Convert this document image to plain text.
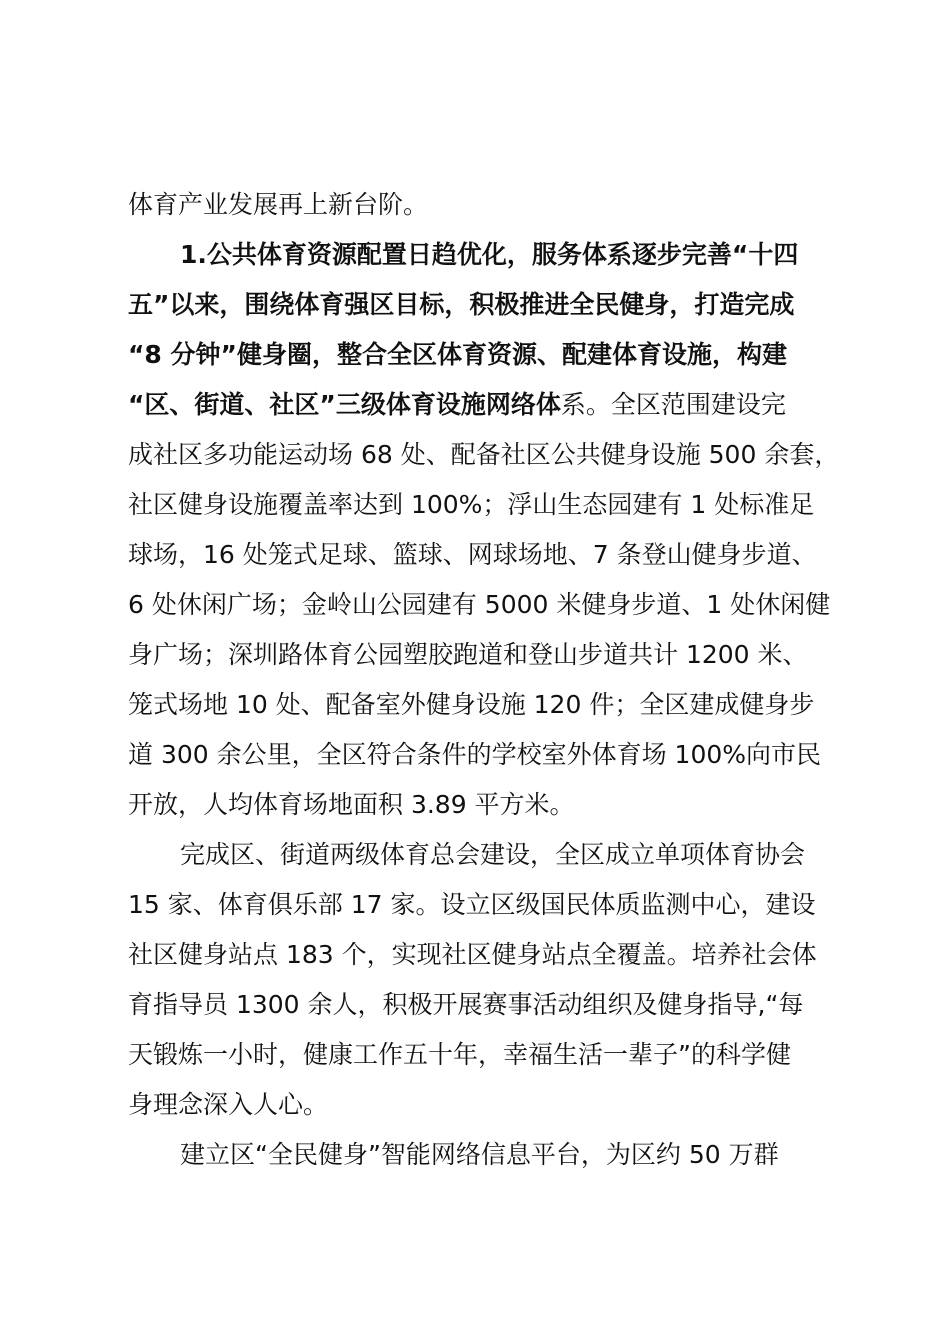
体育产业发展再上新台阶。
1.公共体育资源配置日趋优化，服务体系逐步完善“十四
五”以来，围绕体育强区目标，积极推进全民健身，打造完成
“8 分钟”健身圈，整合全区体育资源、配建体育设施，构建
“区、街道、社区”三级体育设施网络体系。全区范围建设完
成社区多功能运动场 68 处、配备社区公共健身设施 500 余套，
社区健身设施覆盖率达到 100%；浮山生态园建有 1 处标准足
球场，16 处笼式足球、篮球、网球场地、7 条登山健身步道、
6 处休闲广场；金岭山公园建有 5000 米健身步道、1 处休闲健
身广场；深圳路体育公园塑胶跑道和登山步道共计 1200 米、
笼式场地 10 处、配备室外健身设施 120 件；全区建成健身步
道 300 余公里，全区符合条件的学校室外体育场 100%向市民
开放，人均体育场地面积 3.89 平方米。
完成区、街道两级体育总会建设，全区成立单项体育协会
15 家、体育俱乐部 17 家。设立区级国民体质监测中心，建设
社区健身站点 183 个，实现社区健身站点全覆盖。培养社会体
育指导员 1300 余人，积极开展赛事活动组织及健身指导,“每
天锻炼一小时，健康工作五十年，幸福生活一辈子”的科学健
身理念深入人心。
建立区“全民健身”智能网络信息平台，为区约 50 万群
